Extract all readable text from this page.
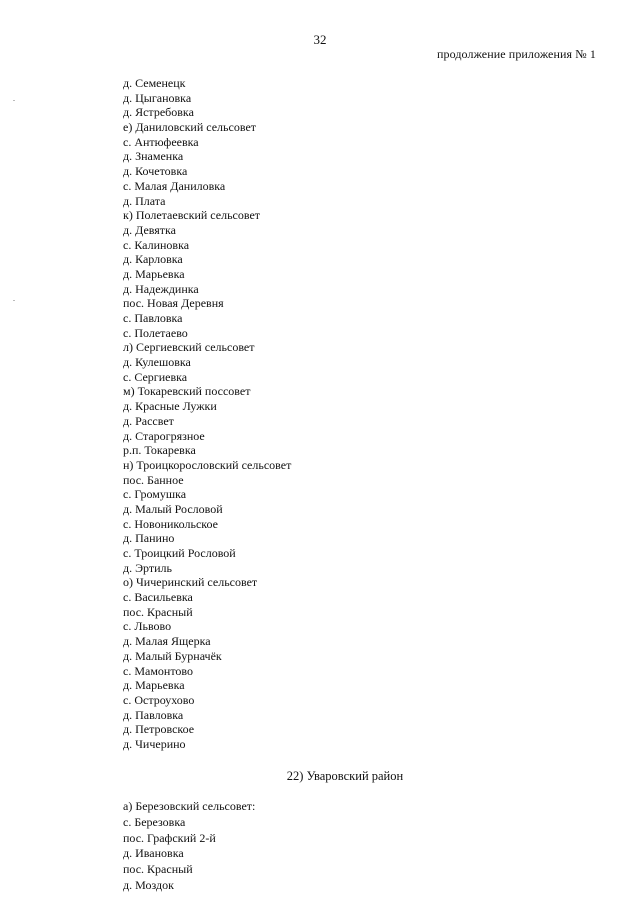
32
продолжение приложения № 1
д. Семенецк
д. Цыгановка
д. Ястребовка
е) Даниловский сельсовет
с. Антюфеевка
д. Знаменка
д. Кочетовка
с. Малая Даниловка
д. Плата
к) Полетаевский сельсовет
д. Девятка
с. Калиновка
д. Карловка
д. Марьевка
д. Надеждинка
пос. Новая Деревня
с. Павловка
с. Полетаево
л) Сергиевский сельсовет
д. Кулешовка
с. Сергиевка
м) Токаревский поссовет
д. Красные Лужки
д. Рассвет
д. Старогрязное
р.п. Токаревка
н) Троицкорословский сельсовет
пос. Банное
с. Громушка
д. Малый Рословой
с. Новоникольское
д. Панино
с. Троицкий Рословой
д. Эртиль
о) Чичеринский сельсовет
с. Васильевка
пос. Красный
с. Львово
д. Малая Ящерка
д. Малый Бурначёк
с. Мамонтово
д. Марьевка
с. Остроухово
д. Павловка
д. Петровское
д. Чичерино
22) Уваровский район
а) Березовский сельсовет:
с. Березовка
пос. Графский 2-й
д. Ивановка
пос. Красный
д. Моздок
